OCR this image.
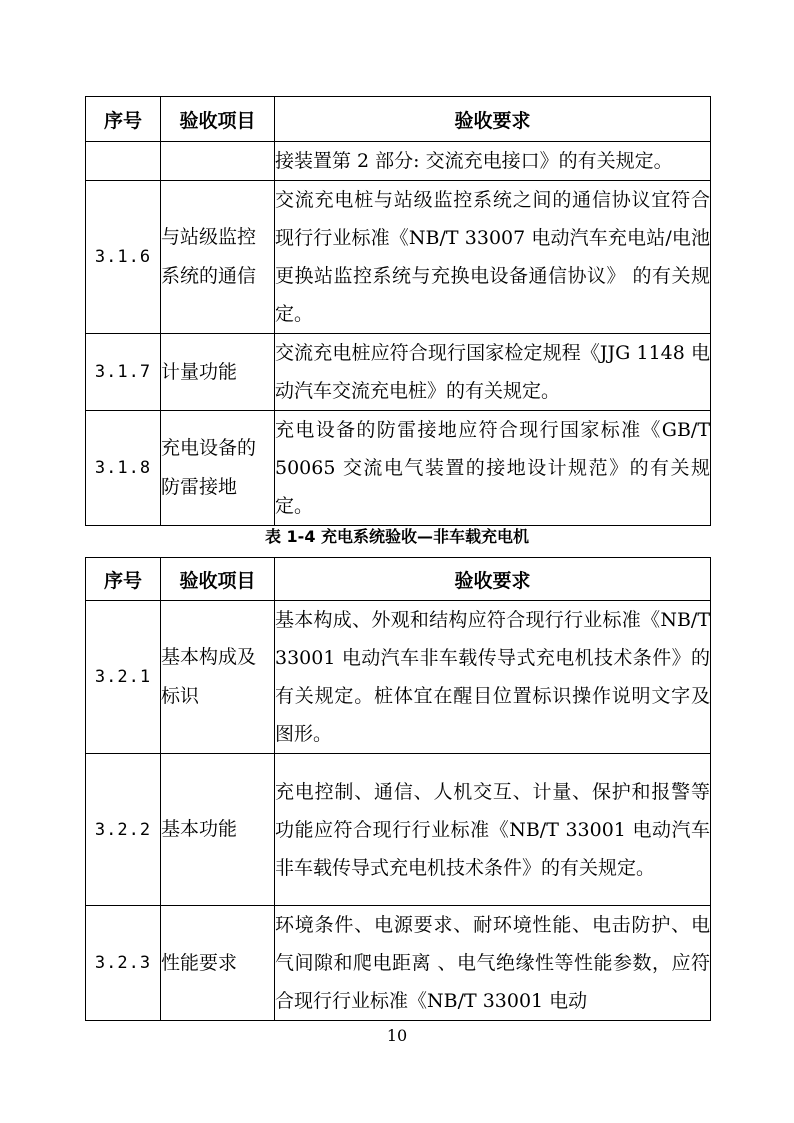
序号	验收项目	验收要求
		接装置第 2 部分: 交流充电接口》的有关规定。
3.1.6	与站级监控系统的通信	交流充电桩与站级监控系统之间的通信协议宜符合现行行业标准《NB/T 33007 电动汽车充电站/电池更换站监控系统与充换电设备通信协议》 的有关规定。
3.1.7	计量功能	交流充电桩应符合现行国家检定规程《JJG 1148 电动汽车交流充电桩》的有关规定。
3.1.8	充电设备的防雷接地	充电设备的防雷接地应符合现行国家标准《GB/T 50065 交流电气装置的接地设计规范》的有关规定。
表 1-4 充电系统验收—非车载充电机
序号	验收项目	验收要求
3.2.1	基本构成及标识	基本构成、外观和结构应符合现行行业标准《NB/T 33001 电动汽车非车载传导式充电机技术条件》的有关规定。桩体宜在醒目位置标识操作说明文字及图形。
3.2.2	基本功能	充电控制、通信、人机交互、计量、保护和报警等功能应符合现行行业标准《NB/T 33001 电动汽车非车载传导式充电机技术条件》的有关规定。
3.2.3	性能要求	环境条件、电源要求、耐环境性能、电击防护、电气间隙和爬电距离 、电气绝缘性等性能参数，应符合现行行业标准《NB/T 33001 电动
10
